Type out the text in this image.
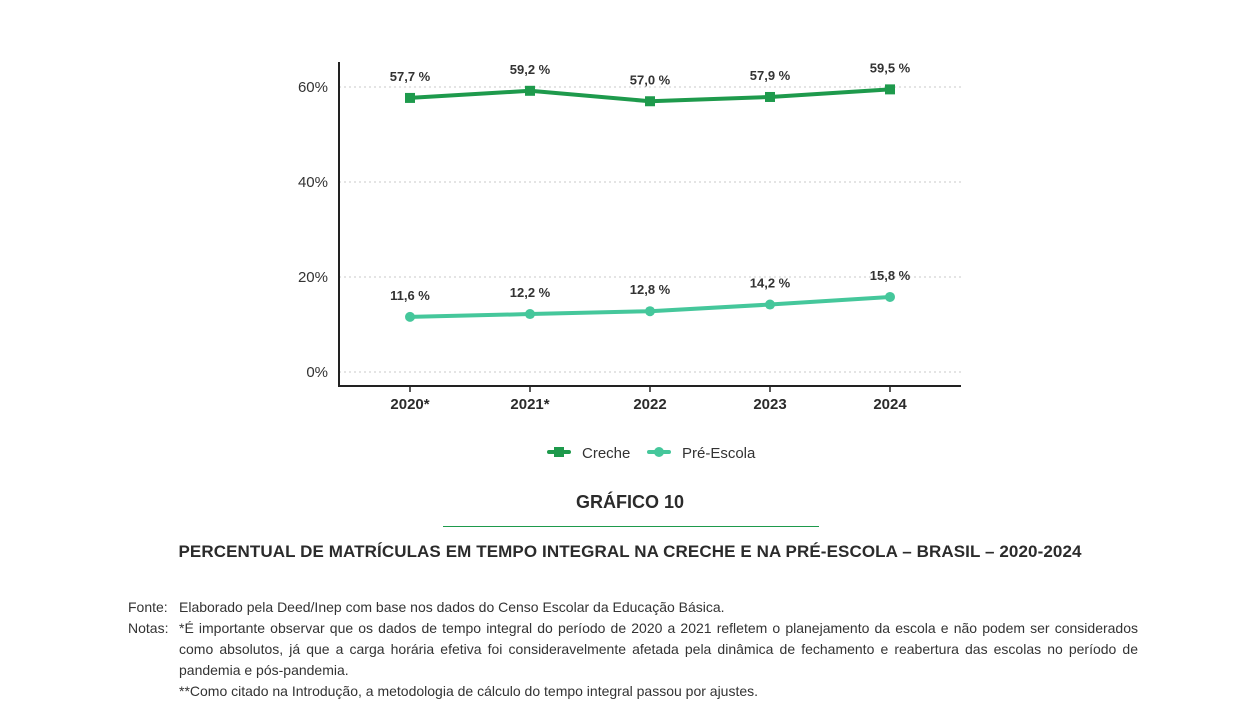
0%
20%
40%
60%
2020*	2021*	2022	2023	2024
57,7 %	59,2 %
57,0 %	57,9 %
59,5 %
11,6 %	12,2 %	12,8 %	14,2 %
15,8 %
Creche	Pré-Escola
GRÁFICO 10
PERCENTUAL DE MATRÍCULAS EM TEMPO INTEGRAL NA CRECHE E NA PRÉ-ESCOLA – BRASIL – 2020-2024
Fonte: Elaborado pela Deed/Inep com base nos dados do Censo Escolar da Educação Básica.
Notas: *É importante observar que os dados de tempo integral do período de 2020 a 2021 refletem o planejamento da escola e não podem ser considerados como absolutos, já que a carga horária efetiva foi consideravelmente afetada pela dinâmica de fechamento e reabertura das escolas no período de pandemia e pós-pandemia.
**Como citado na Introdução, a metodologia de cálculo do tempo integral passou por ajustes.
